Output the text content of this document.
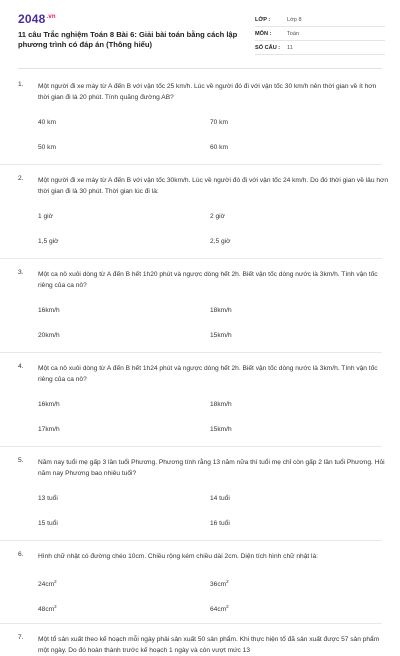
$2048^{.vn}$
11 câu Trắc nghiệm Toán 8 Bài 6: Giải bài toán bằng cách lập phương trình có đáp án (Thông hiểu)
LỚP :	Lớp 8
MÔN :	Toán
SỐ CÂU :	11
1. Một người đi xe máy từ A đến B với vận tốc 25 km/h. Lúc về người đó đi với vận tốc 30 km/h nên thời gian về ít hơn thời gian đi là 20 phút. Tính quãng đường AB?
40 km	70 km
50 km	60 km
2. Một người đi xe máy từ A đến B với vận tốc 30km/h. Lúc về người đó đi với vận tốc 24 km/h. Do đó thời gian về lâu hơn thời gian đi là 30 phút. Thời gian lúc đi là:
1 giờ	2 giờ
1,5 giờ	2,5 giờ
3. Một ca nô xuôi dòng từ A đến B hết 1h20 phút và ngược dòng hết 2h. Biết vận tốc dòng nước là 3km/h. Tính vận tốc riêng của ca nô?
16km/h	18km/h
20km/h	15km/h
4. Một ca nô xuôi dòng từ A đến B hết 1h24 phút và ngược dòng hết 2h. Biết vận tốc dòng nước là 3km/h. Tính vận tốc riêng của ca nô?
16km/h	18km/h
17km/h	15km/h
5. Năm nay tuổi mẹ gấp 3 lần tuổi Phương. Phương tính rằng 13 năm nữa thì tuổi mẹ chỉ còn gấp 2 lần tuổi Phương. Hỏi năm nay Phương bao nhiêu tuổi?
13 tuổi	14 tuổi
15 tuổi	16 tuổi
6. Hình chữ nhật có đường chéo 10cm. Chiều rộng kém chiều dài 2cm. Diện tích hình chữ nhật là:
$24cm^2$	$36cm^2$
$48cm^2$	$64cm^2$
7. Một tổ sản xuất theo kế hoạch mỗi ngày phải sản xuất 50 sản phẩm. Khi thực hiện tổ đã sản xuất được 57 sản phẩm một ngày. Do đó hoàn thành trước kế hoạch 1 ngày và còn vượt mức 13
